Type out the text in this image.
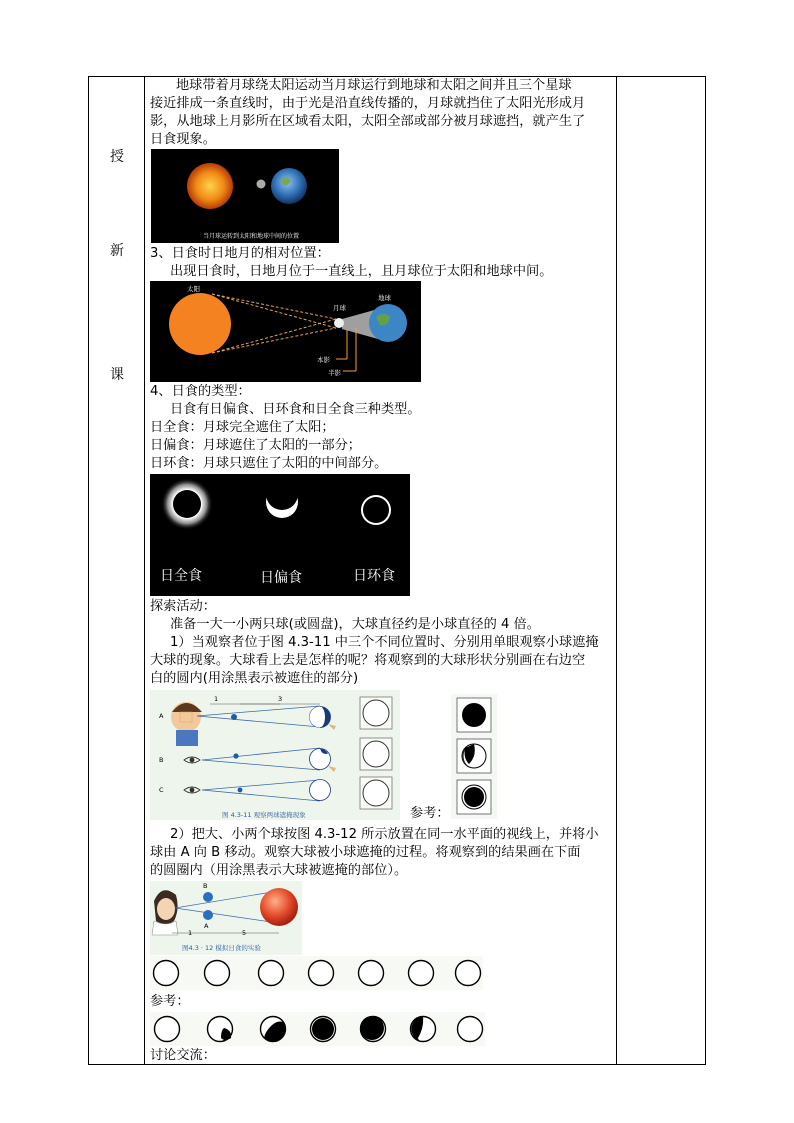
授
新
课
地球带着月球绕太阳运动当月球运行到地球和太阳之间并且三个星球
接近排成一条直线时，由于光是沿直线传播的，月球就挡住了太阳光形成月
影，从地球上月影所在区域看太阳，太阳全部或部分被月球遮挡，就产生了
日食现象。
当月球运转到太阳和地球中间的位置
3、日食时日地月的相对位置：
出现日食时，日地月位于一直线上，且月球位于太阳和地球中间。
太阳
月球
地球
本影
半影
4、日食的类型：
日食有日偏食、日环食和日全食三种类型。
日全食：月球完全遮住了太阳；
日偏食：月球遮住了太阳的一部分；
日环食：月球只遮住了太阳的中间部分。
日全食	日偏食	日环食
探索活动：
准备一大一小两只球(或圆盘)，大球直径约是小球直径的 4 倍。
1）当观察者位于图 4.3-11 中三个不同位置时、分别用单眼观察小球遮掩
大球的现象。大球看上去是怎样的呢？将观察到的大球形状分别画在右边空
白的圆内(用涂黑表示被遮住的部分)
A
B
C
1	3
图 4.3-11 观察两球遮掩现象	参考：
2）把大、小两个球按图 4.3-12 所示放置在同一水平面的视线上，并将小
球由 A 向 B 移动。观察大球被小球遮掩的过程。将观察到的结果画在下面
的圆圈内（用涂黑表示大球被遮掩的部位）。
B
A
1	5
图4.3 · 12 模拟日食的实验
参考：
讨论交流：
